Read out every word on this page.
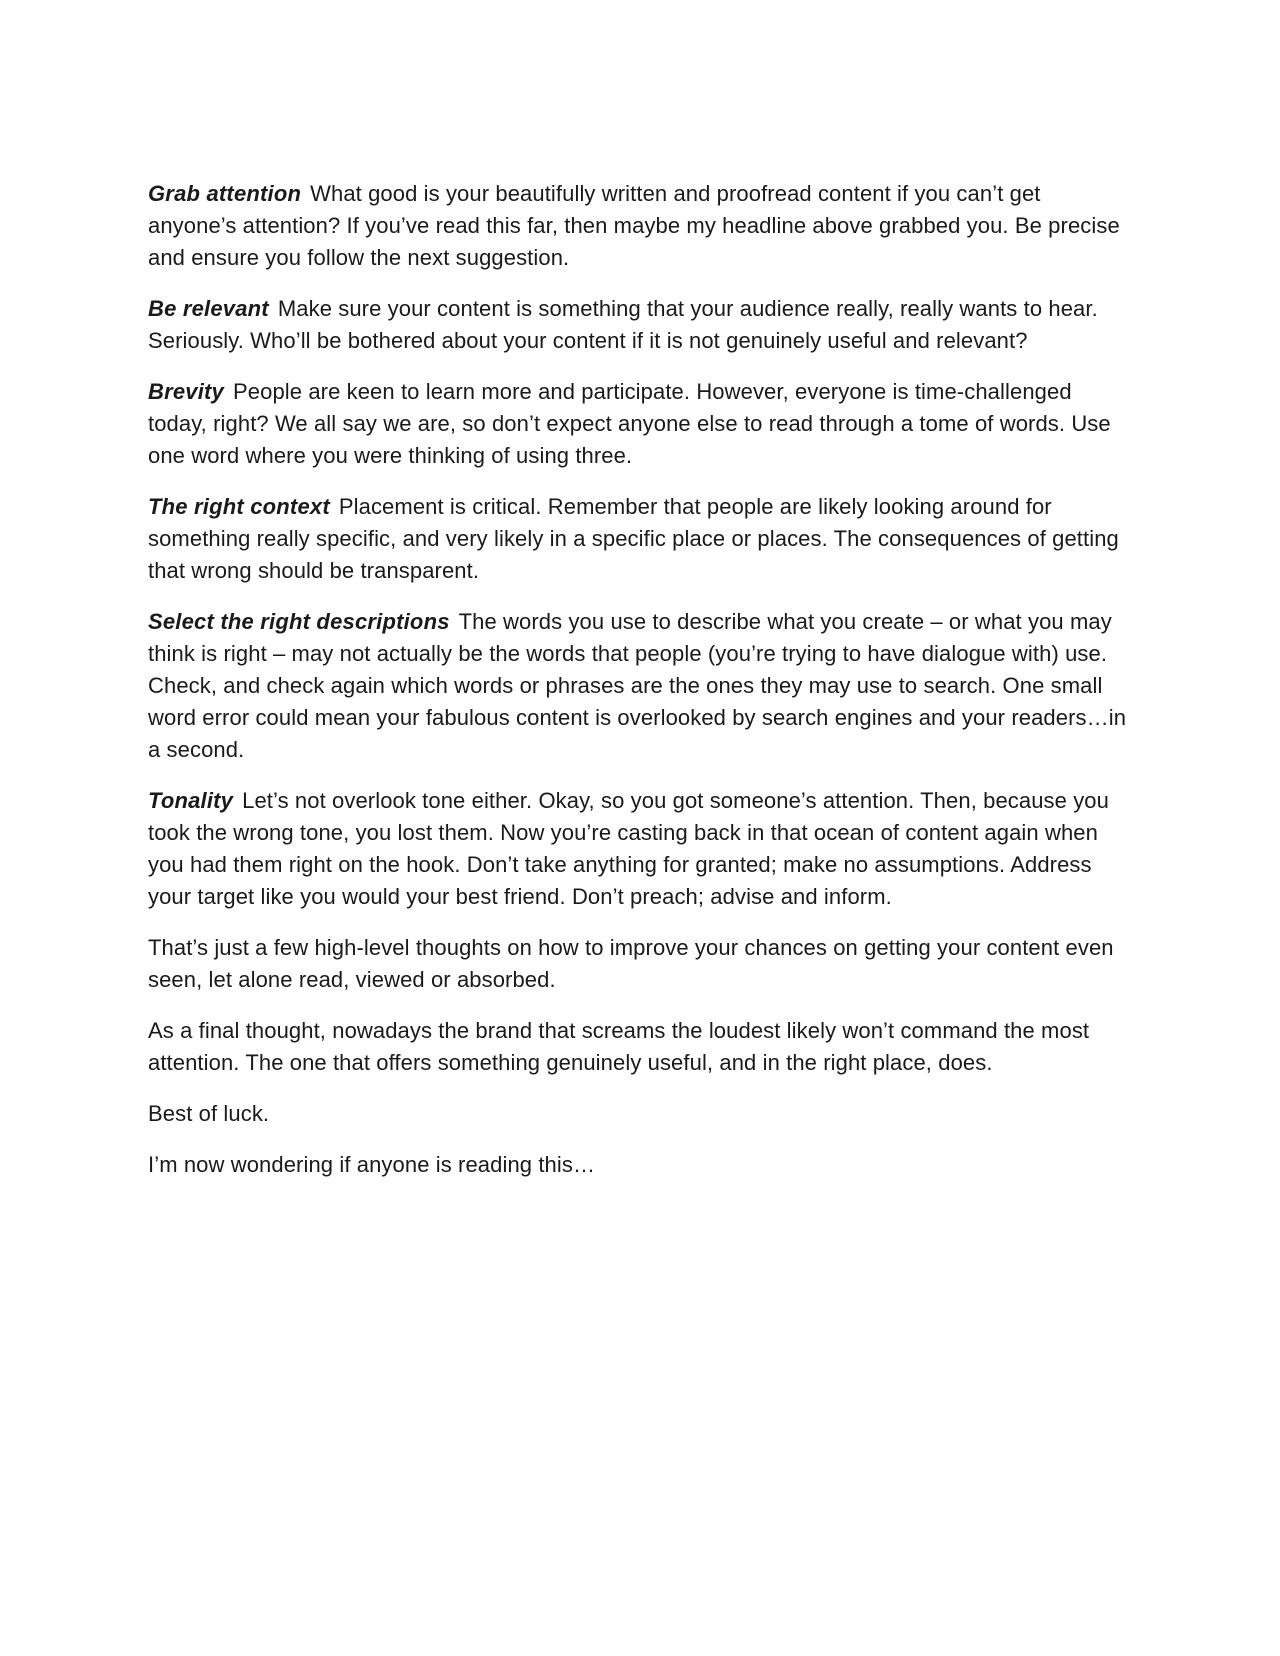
Grab attention What good is your beautifully written and proofread content if you can’t get anyone’s attention? If you’ve read this far, then maybe my headline above grabbed you. Be precise and ensure you follow the next suggestion.

Be relevant Make sure your content is something that your audience really, really wants to hear. Seriously. Who’ll be bothered about your content if it is not genuinely useful and relevant?

Brevity People are keen to learn more and participate. However, everyone is time-challenged today, right? We all say we are, so don’t expect anyone else to read through a tome of words. Use one word where you were thinking of using three.

The right context Placement is critical. Remember that people are likely looking around for something really specific, and very likely in a specific place or places. The consequences of getting that wrong should be transparent.

Select the right descriptions The words you use to describe what you create – or what you may think is right – may not actually be the words that people (you’re trying to have dialogue with) use. Check, and check again which words or phrases are the ones they may use to search. One small word error could mean your fabulous content is overlooked by search engines and your readers…in a second.

Tonality Let’s not overlook tone either. Okay, so you got someone’s attention. Then, because you took the wrong tone, you lost them. Now you’re casting back in that ocean of content again when you had them right on the hook. Don’t take anything for granted; make no assumptions. Address your target like you would your best friend. Don’t preach; advise and inform.

That’s just a few high-level thoughts on how to improve your chances on getting your content even seen, let alone read, viewed or absorbed.

As a final thought, nowadays the brand that screams the loudest likely won’t command the most attention. The one that offers something genuinely useful, and in the right place, does.

Best of luck.

I’m now wondering if anyone is reading this…
